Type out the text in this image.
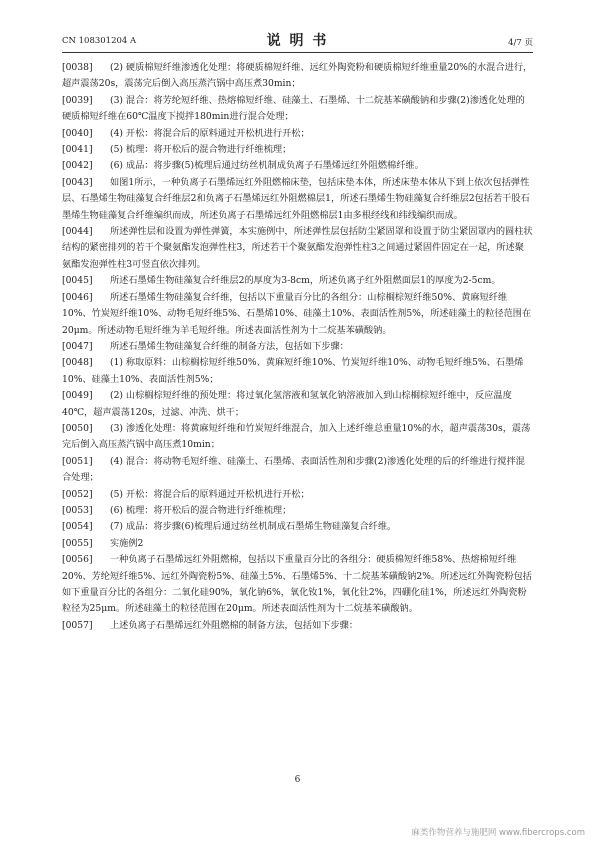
CN 108301204 A	说 明 书	4/7 页
[0038] (2) 硬质棉短纤维渗透化处理：将硬质棉短纤维、远红外陶瓷粉和硬质棉短纤维重量20%的水混合进行，超声震荡20s，震荡完后倒入高压蒸汽锅中高压煮30min；
[0039] (3) 混合：将芳纶短纤维、热熔棉短纤维、硅藻土、石墨烯、十二烷基苯磺酸钠和步骤(2)渗透化处理的硬质棉短纤维在60℃温度下搅拌180min进行混合处理；
[0040] (4) 开松：将混合后的原料通过开松机进行开松；
[0041] (5) 梳理：将开松后的混合物进行纤维梳理；
[0042] (6) 成品：将步骤(5)梳理后通过纺丝机制成负离子石墨烯远红外阻燃棉纤维。
[0043] 如图1所示，一种负离子石墨烯远红外阻燃棉床垫，包括床垫本体，所述床垫本体从下到上依次包括弹性层、石墨烯生物硅藻复合纤维层2和负离子石墨烯远红外阻燃棉层1，所述石墨烯生物硅藻复合纤维层2包括若干股石墨烯生物硅藻复合纤维编织而成，所述负离子石墨烯远红外阻燃棉层1由多根经线和纬线编织而成。
[0044] 所述弹性层和设置为弹性弹簧，本实施例中，所述弹性层包括防尘紧固罩和设置于防尘紧固罩内的圆柱状结构的紧密排列的若干个聚氨酯发泡弹性柱3，所述若干个聚氨酯发泡弹性柱3之间通过紧固件固定在一起，所述聚氨酯发泡弹性柱3可竖直依次排列。
[0045] 所述石墨烯生物硅藻复合纤维层2的厚度为3-8cm，所述负离子红外阻燃面层1的厚度为2-5cm。
[0046] 所述石墨烯生物硅藻复合纤维，包括以下重量百分比的各组分：山棕榈棕短纤维50%、黄麻短纤维10%、竹炭短纤维10%、动物毛短纤维5%、石墨烯10%、硅藻土10%、表面活性剂5%，所述硅藻土的粒径范围在20μm。所述动物毛短纤维为羊毛短纤维。所述表面活性剂为十二烷基苯磺酸钠。
[0047] 所述石墨烯生物硅藻复合纤维的制备方法，包括如下步骤：
[0048] (1) 称取原料：山棕榈棕短纤维50%、黄麻短纤维10%、竹炭短纤维10%、动物毛短纤维5%、石墨烯10%、硅藻土10%、表面活性剂5%；
[0049] (2) 山棕榈棕短纤维的预处理：将过氧化氢溶液和氢氧化钠溶液加入到山棕榈棕短纤维中，反应温度40℃，超声震荡120s，过滤、冲洗、烘干；
[0050] (3) 渗透化处理：将黄麻短纤维和竹炭短纤维混合，加入上述纤维总重量10%的水，超声震荡30s，震荡完后倒入高压蒸汽锅中高压煮10min；
[0051] (4) 混合：将动物毛短纤维、硅藻土、石墨烯、表面活性剂和步骤(2)渗透化处理的后的纤维进行搅拌混合处理；
[0052] (5) 开松：将混合后的原料通过开松机进行开松；
[0053] (6) 梳理：将开松后的混合物进行纤维梳理；
[0054] (7) 成品：将步骤(6)梳理后通过纺丝机制成石墨烯生物硅藻复合纤维。
[0055] 实施例2
[0056] 一种负离子石墨烯远红外阻燃棉，包括以下重量百分比的各组分：硬质棉短纤维58%、热熔棉短纤维20%、芳纶短纤维5%、远红外陶瓷粉5%、硅藻土5%、石墨烯5%、十二烷基苯磺酸钠2%。所述远红外陶瓷粉包括如下重量百分比的各组分：二氧化硅90%，氧化钠6%，氧化钕1%，氧化钍2%，四硼化硅1%，所述远红外陶瓷粉粒径为25μm。所述硅藻土的粒径范围在20μm。所述表面活性剂为十二烷基苯磺酸钠。
[0057] 上述负离子石墨烯远红外阻燃棉的制备方法，包括如下步骤：
6
麻类作物营养与施肥网 www.fibercrops.com
